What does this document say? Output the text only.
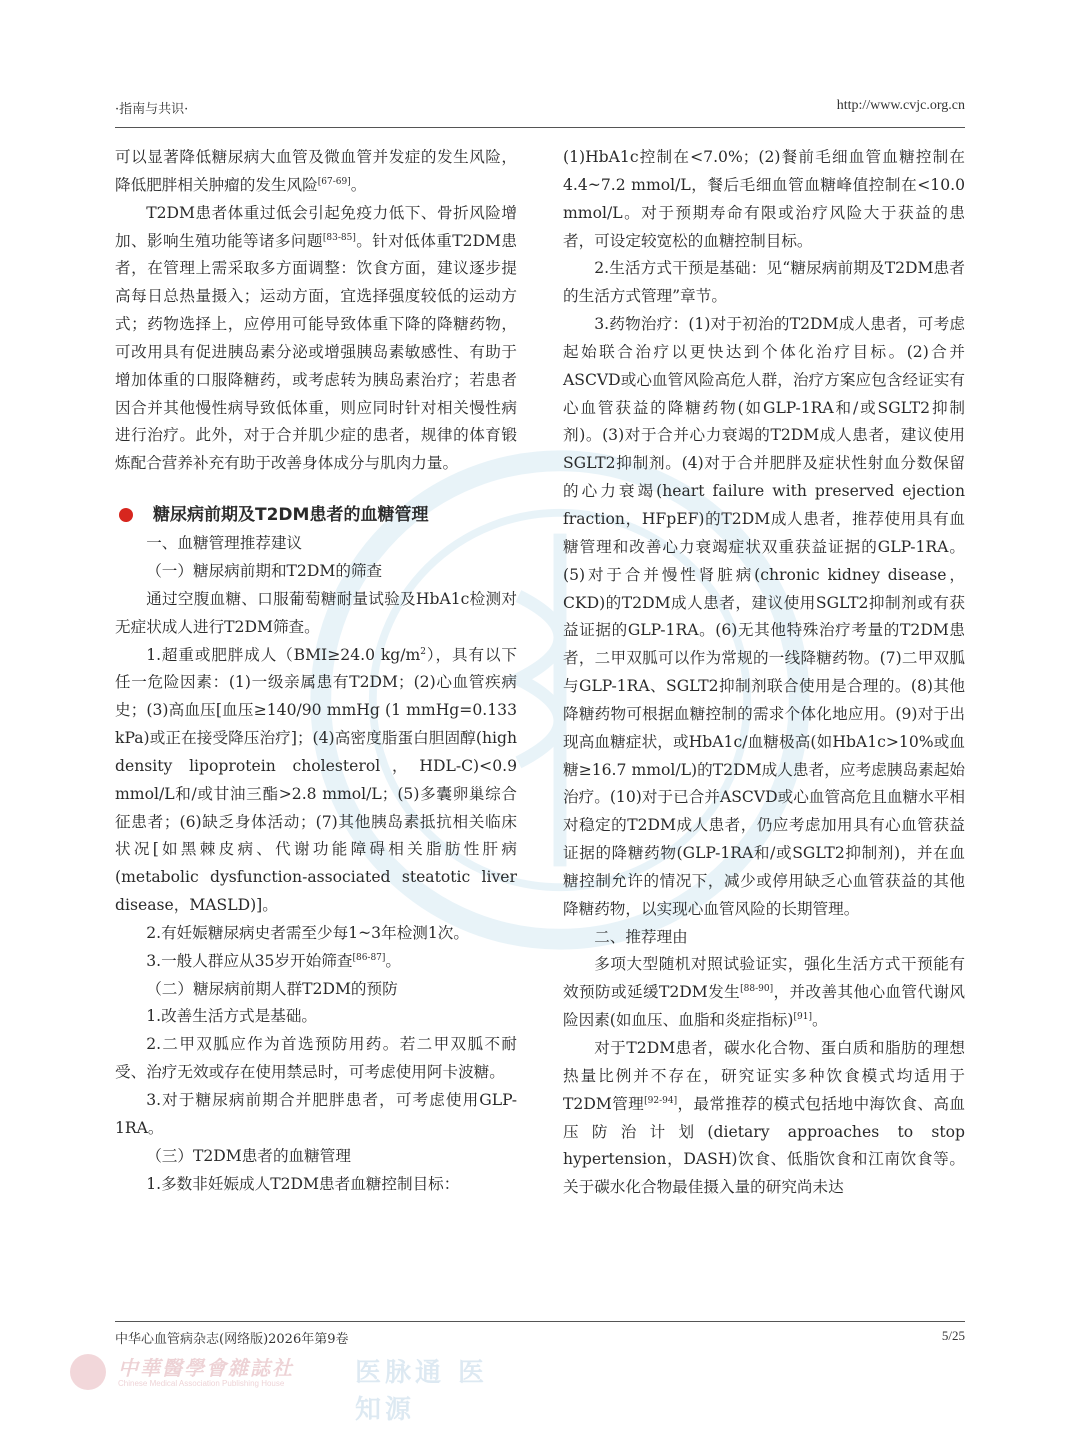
·指南与共识·	http://www.cvjc.org.cn

可以显著降低糖尿病大血管及微血管并发症的发生风险，降低肥胖相关肿瘤的发生风险[67-69]。

T2DM患者体重过低会引起免疫力低下、骨折风险增加、影响生殖功能等诸多问题[83-85]。针对低体重T2DM患者，在管理上需采取多方面调整：饮食方面，建议逐步提高每日总热量摄入；运动方面，宜选择强度较低的运动方式；药物选择上，应停用可能导致体重下降的降糖药物，可改用具有促进胰岛素分泌或增强胰岛素敏感性、有助于增加体重的口服降糖药，或考虑转为胰岛素治疗；若患者因合并其他慢性病导致低体重，则应同时针对相关慢性病进行治疗。此外，对于合并肌少症的患者，规律的体育锻炼配合营养补充有助于改善身体成分与肌肉力量。

糖尿病前期及T2DM患者的血糖管理

一、血糖管理推荐建议

（一）糖尿病前期和T2DM的筛查

通过空腹血糖、口服葡萄糖耐量试验及HbA1c检测对无症状成人进行T2DM筛查。

1.超重或肥胖成人（BMI≥24.0 $kg/m^2$），具有以下任一危险因素：(1)一级亲属患有T2DM；(2)心血管疾病史；(3)高血压[血压≥140/90 mmHg (1 mmHg=0.133 kPa)或正在接受降压治疗]；(4)高密度脂蛋白胆固醇(high density lipoprotein cholesterol，HDL-C)<0.9 mmol/L和/或甘油三酯>2.8 mmol/L；(5)多囊卵巢综合征患者；(6)缺乏身体活动；(7)其他胰岛素抵抗相关临床状况[如黑棘皮病、代谢功能障碍相关脂肪性肝病(metabolic dysfunction-associated steatotic liver disease，MASLD)]。

2.有妊娠糖尿病史者需至少每1~3年检测1次。

3.一般人群应从35岁开始筛查[86-87]。

（二）糖尿病前期人群T2DM的预防

1.改善生活方式是基础。

2.二甲双胍应作为首选预防用药。若二甲双胍不耐受、治疗无效或存在使用禁忌时，可考虑使用阿卡波糖。

3.对于糖尿病前期合并肥胖患者，可考虑使用GLP-1RA。

（三）T2DM患者的血糖管理

1.多数非妊娠成人T2DM患者血糖控制目标：

(1)HbA1c控制在<7.0%；(2)餐前毛细血管血糖控制在4.4~7.2 mmol/L，餐后毛细血管血糖峰值控制在<10.0 mmol/L。对于预期寿命有限或治疗风险大于获益的患者，可设定较宽松的血糖控制目标。

2.生活方式干预是基础：见“糖尿病前期及T2DM患者的生活方式管理”章节。

3.药物治疗：(1)对于初治的T2DM成人患者，可考虑起始联合治疗以更快达到个体化治疗目标。(2)合并ASCVD或心血管风险高危人群，治疗方案应包含经证实有心血管获益的降糖药物(如GLP-1RA和/或SGLT2抑制剂)。(3)对于合并心力衰竭的T2DM成人患者，建议使用SGLT2抑制剂。(4)对于合并肥胖及症状性射血分数保留的心力衰竭(heart failure with preserved ejection fraction，HFpEF)的T2DM成人患者，推荐使用具有血糖管理和改善心力衰竭症状双重获益证据的GLP-1RA。(5)对于合并慢性肾脏病(chronic kidney disease，CKD)的T2DM成人患者，建议使用SGLT2抑制剂或有获益证据的GLP-1RA。(6)无其他特殊治疗考量的T2DM患者，二甲双胍可以作为常规的一线降糖药物。(7)二甲双胍与GLP-1RA、SGLT2抑制剂联合使用是合理的。(8)其他降糖药物可根据血糖控制的需求个体化地应用。(9)对于出现高血糖症状，或HbA1c/血糖极高(如HbA1c>10%或血糖≥16.7 mmol/L)的T2DM成人患者，应考虑胰岛素起始治疗。(10)对于已合并ASCVD或心血管高危且血糖水平相对稳定的T2DM成人患者，仍应考虑加用具有心血管获益证据的降糖药物(GLP-1RA和/或SGLT2抑制剂)，并在血糖控制允许的情况下，减少或停用缺乏心血管获益的其他降糖药物，以实现心血管风险的长期管理。

二、推荐理由

多项大型随机对照试验证实，强化生活方式干预能有效预防或延缓T2DM发生[88-90]，并改善其他心血管代谢风险因素(如血压、血脂和炎症指标)[91]。

对于T2DM患者，碳水化合物、蛋白质和脂肪的理想热量比例并不存在，研究证实多种饮食模式均适用于T2DM管理[92-94]，最常推荐的模式包括地中海饮食、高血压防治计划(dietary approaches to stop hypertension，DASH)饮食、低脂饮食和江南饮食等。关于碳水化合物最佳摄入量的研究尚未达

中华心血管病杂志(网络版)2026年第9卷	5/25
中華醫學會雜誌社
Chinese Medical Association Publishing House	医脉通 医知源
